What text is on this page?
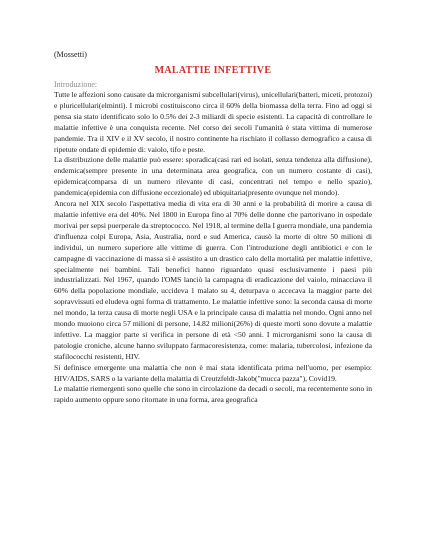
(Mossetti)
MALATTIE INFETTIVE
Introduzione:

Tutte le affezioni sono causate da microrganismi subcellulari(virus), unicellulari(batteri, miceti, protozoi) e pluricellulari(elminti). I microbi costituiscono circa il 60% della biomassa della terra. Fino ad oggi si pensa sia stato identificato solo lo 0.5% dei 2-3 miliardi di specie esistenti. La capacità di controllare le malattie infettive è una conquista recente. Nel corso dei secoli l'umanità è stata vittima di numerose pandemie. Tra il XIV e il XV secolo, il nostro continente ha rischiato il collasso demografico a causa di ripetute ondate di epidemie di: vaiolo, tifo e peste.

La distribuzione delle malattie può essere: sporadica(casi rari ed isolati, senza tendenza alla diffusione), endemica(sempre presente in una determinata area geografica, con un numero costante di casi), epidemica(comparsa di un numero rilevante di casi, concentrati nel tempo e nello spazio), pandemica(epidemia con diffusione eccezionale) ed ubiquitaria(presente ovunque nel mondo).

Ancora nel XIX secolo l'aspettativa media di vita era di 30 anni e la probabilità di morire a causa di malattie infettive era del 40%. Nel 1800 in Europa fino al 70% delle donne che partorivano in ospedale morivai per sepsi puerperale da streptococco. Nel 1918, al termine della I guerra mondiale, una pandemia d'influenza colpì Europa, Asia, Australia, nord e sud America, causò la morte di oltre 50 milioni di individui, un numero superiore alle vittime di guerra. Con l'introduzione degli antibiotici e con le campagne di vaccinazione di massa si è assistito a un drastico calo della mortalità per malattie infettive, specialmente nei bambini. Tali benefici hanno riguardato quasi esclusivamente i paesi più industrializzati. Nel 1967, quando l'OMS lanciò la campagna di eradicazione del vaiolo, minacciava il 60% della popolazione mondiale, uccideva 1 malato su 4, deturpava o accecava la maggior parte dei sopravvissuti ed eludeva ogni forma di trattamento. Le malattie infettive sono: la seconda causa di morte nel mondo, la terza causa di morte negli USA e la principale causa di malattia nel mondo. Ogni anno nel mondo muoiono circa 57 milioni di persone, 14.82 milioni(26%) di queste morti sono dovute a malattie infettive. La maggior parte si verifica in persone di età <50 anni. I microrganismi sono la causa di patologie croniche, alcune hanno sviluppato farmacoresistenza, come: malaria, tubercolosi, infezione da stafilococchi resistenti, HIV.

Si definisce emergente una malattia che non è mai stata identificata prima nell'uomo, per esempio: HIV/AIDS, SARS o la variante della malattia di Creutzfeldt-Jakob("mucca pazza"), Covid19.

Le malattie riemergenti sono quelle che sono in circolazione da decadi o secoli, ma recentemente sono in rapido aumento oppure sono ritornate in una forma, area geografica
